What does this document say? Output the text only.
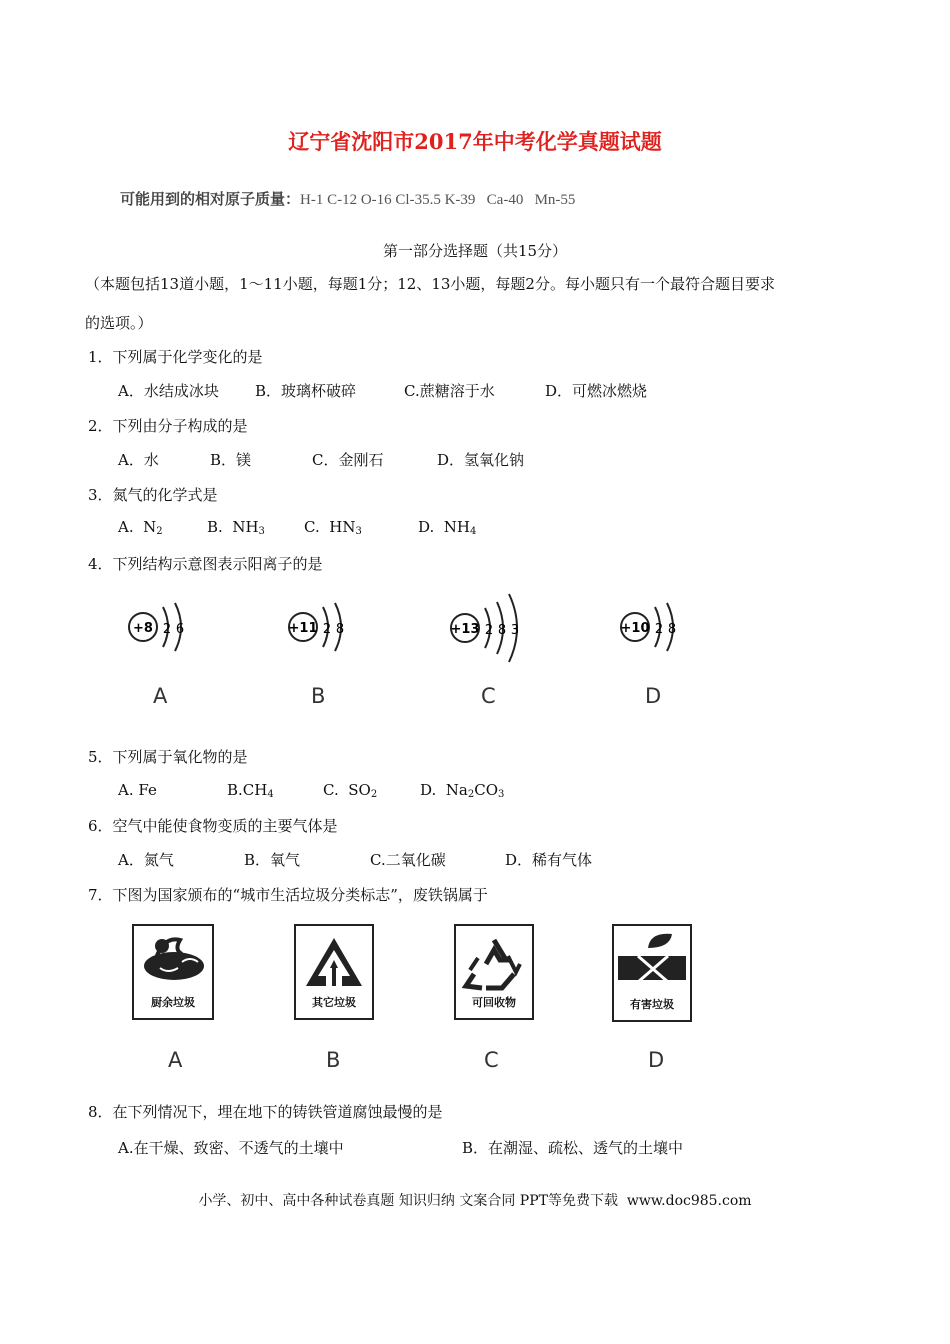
辽宁省沈阳市2017年中考化学真题试题
可能用到的相对原子质量：H-1 C-12 O-16 Cl-35.5 K-39   Ca-40   Mn-55
第一部分选择题（共15分）
（本题包括13道小题，1～11小题，每题1分；12、13小题，每题2分。每小题只有一个最符合题目要求
的选项。）
1．下列属于化学变化的是
A．水结成冰块 B．玻璃杯破碎	C.蔗糖溶于水	D．可燃冰燃烧
2．下列由分子构成的是
A．水	B．镁	C．金刚石	D．氢氧化钠
3．氮气的化学式是
A.  $N_2$	B.  $NH_3$	C.  $HN_3$	D.  $NH_4$
4．下列结构示意图表示阳离子的是
+8 2 6	+11 2 8	+13 2 8 3	+10 2 8
A	B	C	D
5．下列属于氧化物的是
A. Fe	$B.CH_4$	C.  $SO_2$	D.  $Na_2CO_3$
6．空气中能使食物变质的主要气体是
A．氮气	B．氧气	C.二氧化碳	D．稀有气体
7．下图为国家颁布的“城市生活垃圾分类标志”，废铁锅属于
厨余垃圾	其它垃圾	可回收物	有害垃圾
A	B	C	D
8．在下列情况下，埋在地下的铸铁管道腐蚀最慢的是
A.在干燥、致密、不透气的土壤中	B．在潮湿、疏松、透气的土壤中
小学、初中、高中各种试卷真题 知识归纳 文案合同 PPT等免费下载  www.doc985.com
